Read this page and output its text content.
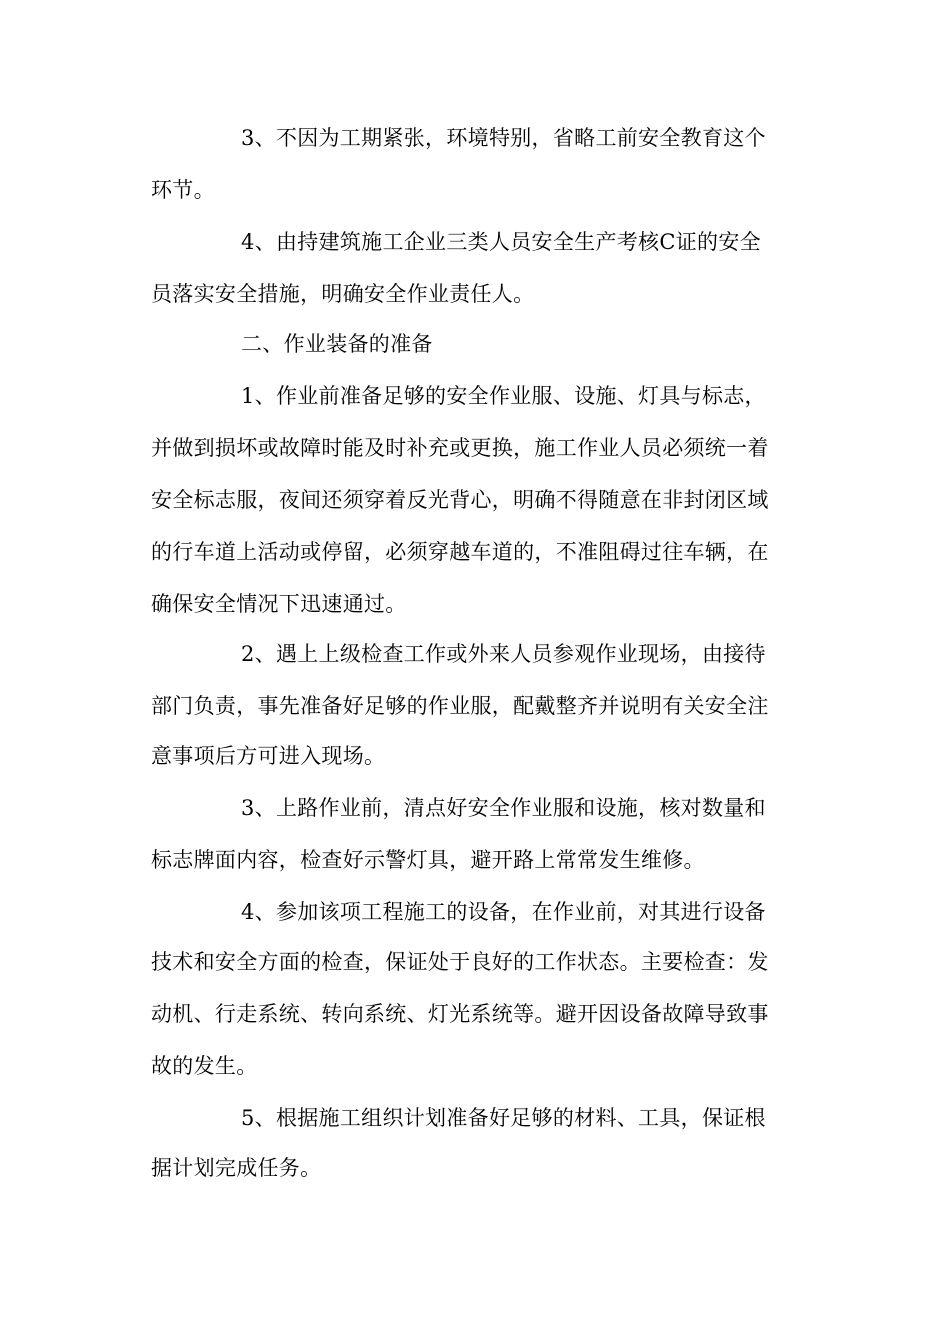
3、不因为工期紧张，环境特别，省略工前安全教育这个
环节。
4、由持建筑施工企业三类人员安全生产考核C证的安全
员落实安全措施，明确安全作业责任人。
二、作业装备的准备
1、作业前准备足够的安全作业服、设施、灯具与标志，
并做到损坏或故障时能及时补充或更换，施工作业人员必须统一着
安全标志服，夜间还须穿着反光背心，明确不得随意在非封闭区域
的行车道上活动或停留，必须穿越车道的，不准阻碍过往车辆，在
确保安全情况下迅速通过。
2、遇上上级检查工作或外来人员参观作业现场，由接待
部门负责，事先准备好足够的作业服，配戴整齐并说明有关安全注
意事项后方可进入现场。
3、上路作业前，清点好安全作业服和设施，核对数量和
标志牌面内容，检查好示警灯具，避开路上常常发生维修。
4、参加该项工程施工的设备，在作业前，对其进行设备
技术和安全方面的检查，保证处于良好的工作状态。主要检查：发
动机、行走系统、转向系统、灯光系统等。避开因设备故障导致事
故的发生。
5、根据施工组织计划准备好足够的材料、工具，保证根
据计划完成任务。
